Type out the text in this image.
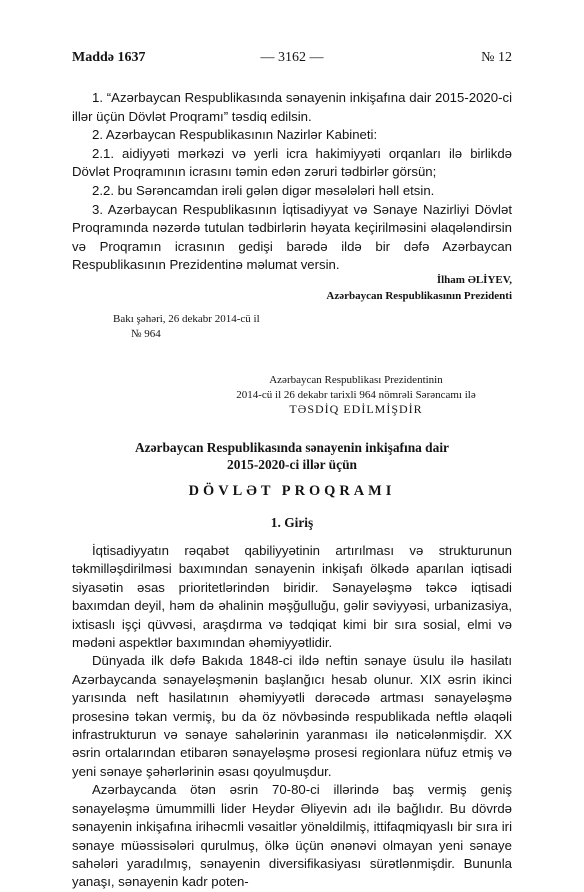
Maddə 1637	— 3162 —	№ 12

1. “Azərbaycan Respublikasında sənayenin inkişafına dair 2015-2020-ci illər üçün Dövlət Proqramı” təsdiq edilsin.

2. Azərbaycan Respublikasının Nazirlər Kabineti:

2.1. aidiyyəti mərkəzi və yerli icra hakimiyyəti orqanları ilə birlikdə Dövlət Proqramının icrasını təmin edən zəruri tədbirlər görsün;

2.2. bu Sərəncamdan irəli gələn digər məsələləri həll etsin.

3. Azərbaycan Respublikasının İqtisadiyyat və Sənaye Nazirliyi Dövlət Proqramında nəzərdə tutulan tədbirlərin həyata keçirilməsini əlaqələndirsin və Proqramın icrasının gedişi barədə ildə bir dəfə Azərbaycan Respublikasının Prezidentinə məlumat versin.

İlham ƏLİYEV,
Azərbaycan Respublikasının Prezidenti
Bakı şəhəri, 26 dekabr 2014-cü il
№ 964
Azərbaycan Respublikası Prezidentinin
2014-cü il 26 dekabr tarixli 964 nömrəli Sərəncamı ilə
TƏSDİQ EDİLMİŞDİR
Azərbaycan Respublikasında sənayenin inkişafına dair
2015-2020-ci illər üçün
DÖVLƏT PROQRAMI
1. Giriş

İqtisadiyyatın rəqabət qabiliyyətinin artırılması və strukturunun təkmilləşdirilməsi baxımından sənayenin inkişafı ölkədə aparılan iqtisadi siyasətin əsas prioritetlərindən biridir. Sənayeləşmə təkcə iqtisadi baxımdan deyil, həm də əhalinin məşğulluğu, gəlir səviyyəsi, urbanizasiya, ixtisaslı işçi qüvvəsi, araşdırma və tədqiqat kimi bir sıra sosial, elmi və mədəni aspektlər baxımından əhəmiyyətlidir.

Dünyada ilk dəfə Bakıda 1848-ci ildə neftin sənaye üsulu ilə hasilatı Azərbaycanda sənayeləşmənin başlanğıcı hesab olunur. XIX əsrin ikinci yarısında neft hasilatının əhəmiyyətli dərəcədə artması sənayeləşmə prosesinə təkan vermiş, bu da öz növbəsində respublikada neftlə əlaqəli infrastrukturun və sənaye sahələrinin yaranması ilə nəticələnmişdir. XX əsrin ortalarından etibarən sənayeləşmə prosesi regionlara nüfuz etmiş və yeni sənaye şəhərlərinin əsası qoyulmuşdur.

Azərbaycanda ötən əsrin 70-80-ci illərində baş vermiş geniş sənayeləşmə ümummilli lider Heydər Əliyevin adı ilə bağlıdır. Bu dövrdə sənayenin inkişafına irihəcmli vəsaitlər yönəldilmiş, ittifaqmiqyaslı bir sıra iri sənaye müəssisələri qurulmuş, ölkə üçün ənənəvi olmayan yeni sənaye sahələri yaradılmış, sənayenin diversifikasiyası sürətlənmişdir. Bununla yanaşı, sənayenin kadr poten-
